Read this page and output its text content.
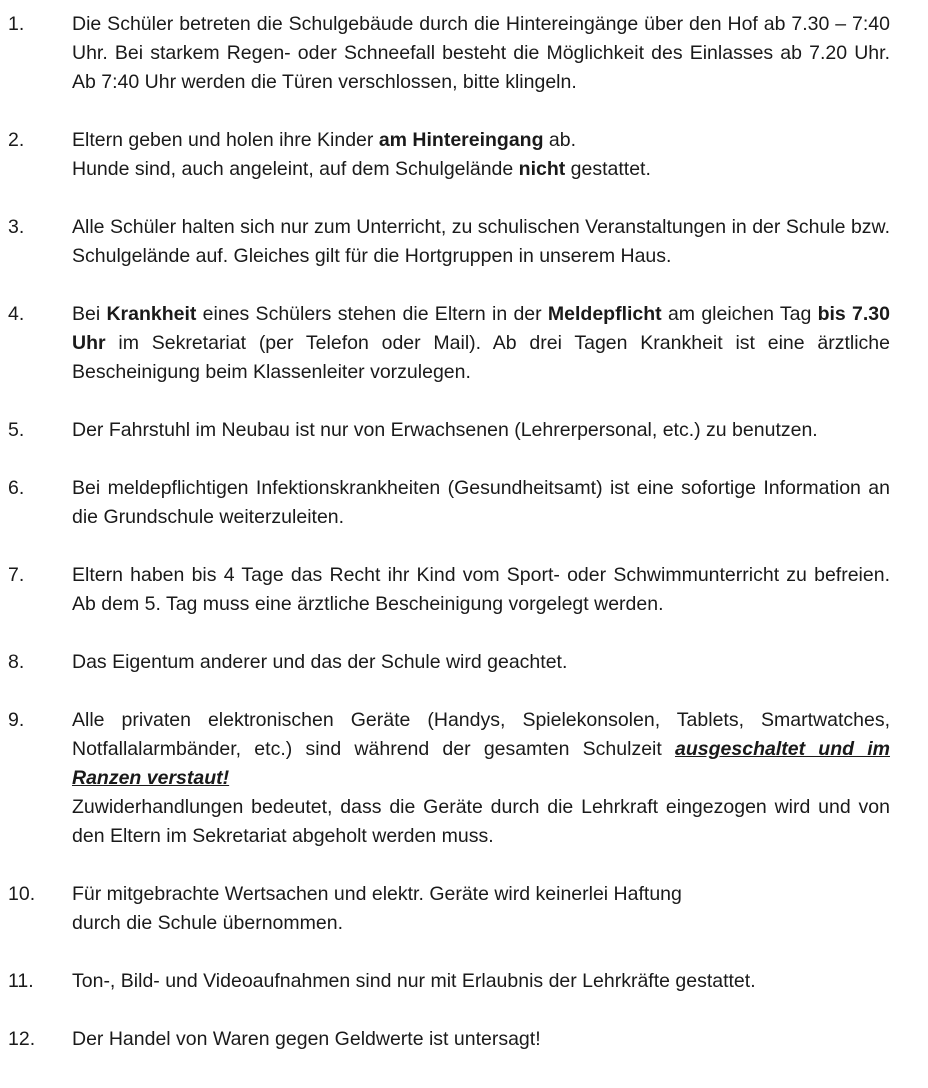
1.	Die Schüler betreten die Schulgebäude durch die Hintereingänge über den Hof ab 7.30 – 7:40 Uhr. Bei starkem Regen- oder Schneefall besteht die Möglichkeit des Einlasses ab 7.20 Uhr. Ab 7:40 Uhr werden die Türen verschlossen, bitte klingeln.
2.	Eltern geben und holen ihre Kinder am Hintereingang ab.
Hunde sind, auch angeleint, auf dem Schulgelände nicht gestattet.
3.	Alle Schüler halten sich nur zum Unterricht, zu schulischen Veranstaltungen in der Schule bzw. Schulgelände auf. Gleiches gilt für die Hortgruppen in unserem Haus.
4.	Bei Krankheit eines Schülers stehen die Eltern in der Meldepflicht am gleichen Tag bis 7.30 Uhr im Sekretariat (per Telefon oder Mail). Ab drei Tagen Krankheit ist eine ärztliche Bescheinigung beim Klassenleiter vorzulegen.
5.	Der Fahrstuhl im Neubau ist nur von Erwachsenen (Lehrerpersonal, etc.) zu benutzen.
6.	Bei meldepflichtigen Infektionskrankheiten (Gesundheitsamt) ist eine sofortige Information an die Grundschule weiterzuleiten.
7.	Eltern haben bis 4 Tage das Recht ihr Kind vom Sport- oder Schwimmunterricht zu befreien. Ab dem 5. Tag muss eine ärztliche Bescheinigung vorgelegt werden.
8.	Das Eigentum anderer und das der Schule wird geachtet.
9.	Alle privaten elektronischen Geräte (Handys, Spielekonsolen, Tablets, Smartwatches, Notfallalarmbänder, etc.) sind während der gesamten Schulzeit ausgeschaltet und im Ranzen verstaut!
Zuwiderhandlungen bedeutet, dass die Geräte durch die Lehrkraft eingezogen wird und von den Eltern im Sekretariat abgeholt werden muss.
10.	Für mitgebrachte Wertsachen und elektr. Geräte wird keinerlei Haftung
durch die Schule übernommen.
11.	Ton-, Bild- und Videoaufnahmen sind nur mit Erlaubnis der Lehrkräfte gestattet.
12.	Der Handel von Waren gegen Geldwerte ist untersagt!
